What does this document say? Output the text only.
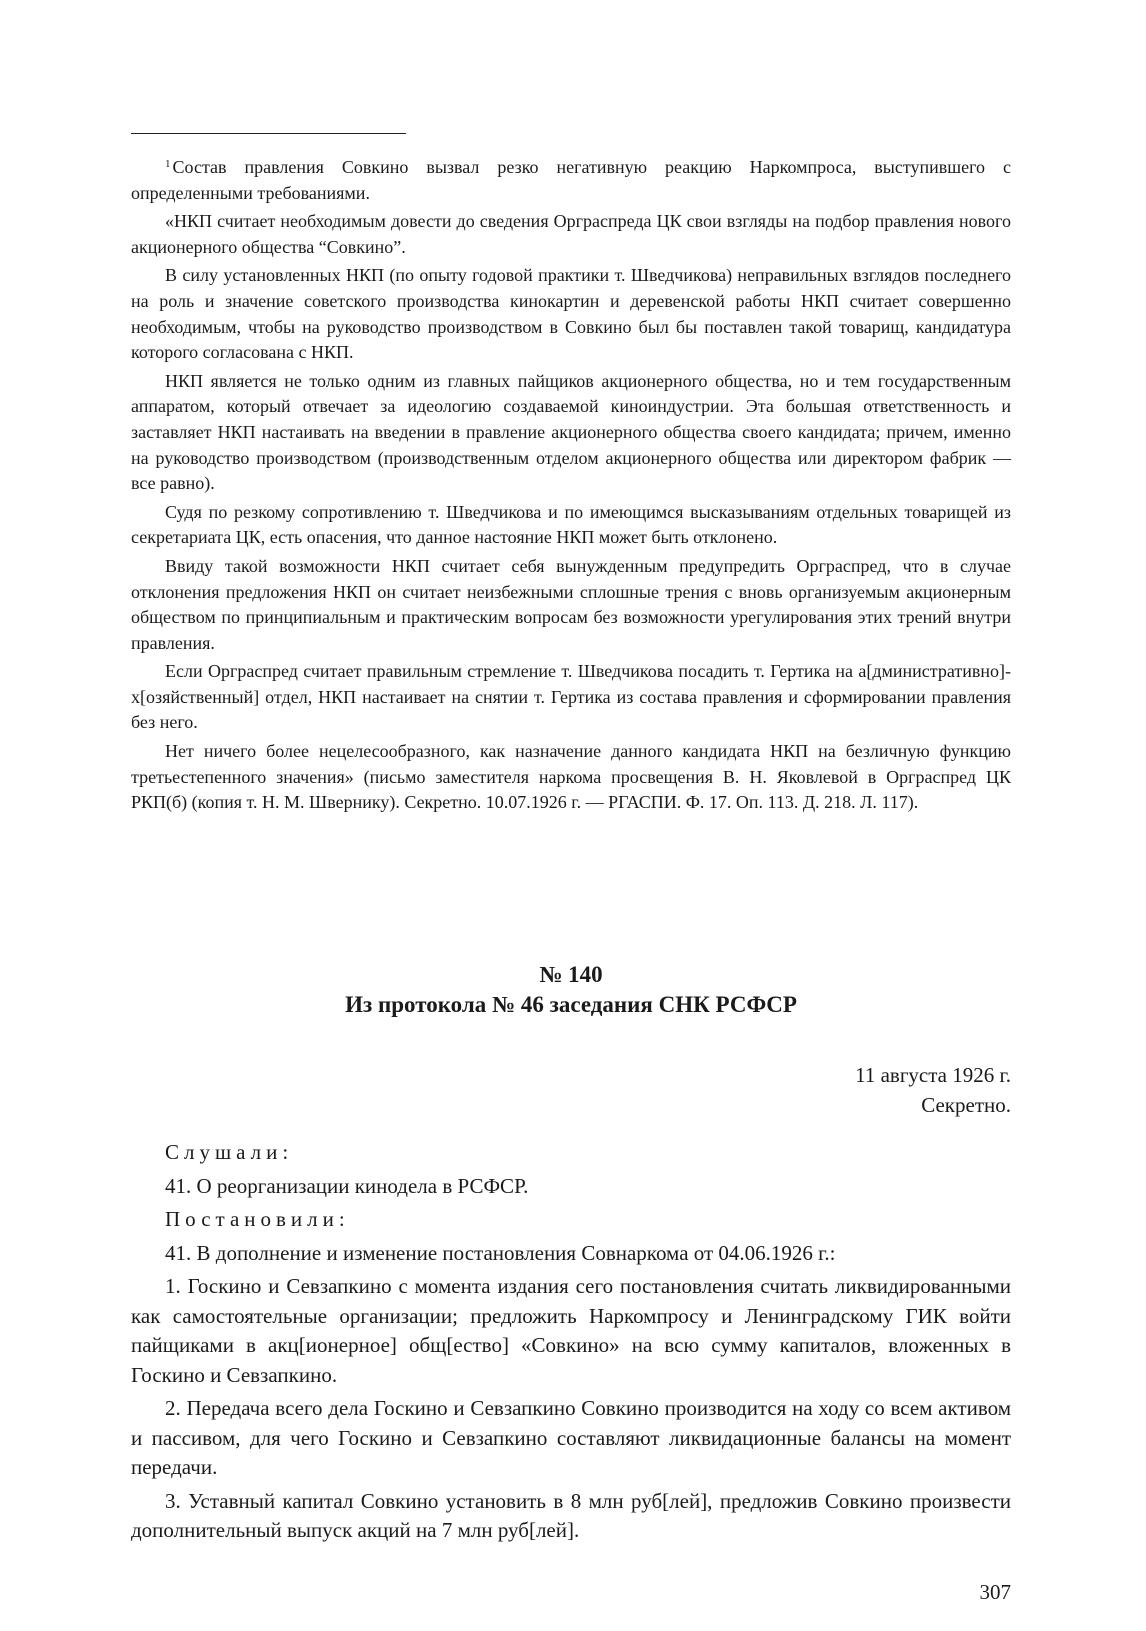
$^1$ Состав правления Совкино вызвал резко негативную реакцию Наркомпроса, выступившего с определенными требованиями.

«НКП считает необходимым довести до сведения Орграспреда ЦК свои взгляды на подбор правления нового акционерного общества “Совкино”.

В силу установленных НКП (по опыту годовой практики т. Шведчикова) неправильных взглядов последнего на роль и значение советского производства кинокартин и деревенской работы НКП считает совершенно необходимым, чтобы на руководство производством в Совкино был бы поставлен такой товарищ, кандидатура которого согласована с НКП.

НКП является не только одним из главных пайщиков акционерного общества, но и тем государственным аппаратом, который отвечает за идеологию создаваемой киноиндустрии. Эта большая ответственность и заставляет НКП настаивать на введении в правление акционерного общества своего кандидата; причем, именно на руководство производством (производственным отделом акционерного общества или директором фабрик — все равно).

Судя по резкому сопротивлению т. Шведчикова и по имеющимся высказываниям отдельных товарищей из секретариата ЦК, есть опасения, что данное настояние НКП может быть отклонено.

Ввиду такой возможности НКП считает себя вынужденным предупредить Орграспред, что в случае отклонения предложения НКП он считает неизбежными сплошные трения с вновь организуемым акционерным обществом по принципиальным и практическим вопросам без возможности урегулирования этих трений внутри правления.

Если Орграспред считает правильным стремление т. Шведчикова посадить т. Гертика на а[дминистративно]-х[озяйственный] отдел, НКП настаивает на снятии т. Гертика из состава правления и сформировании правления без него.

Нет ничего более нецелесообразного, как назначение данного кандидата НКП на безличную функцию третьестепенного значения» (письмо заместителя наркома просвещения В. Н. Яковлевой в Орграспред ЦК РКП(б) (копия т. Н. М. Швернику). Секретно. 10.07.1926 г. — РГАСПИ. Ф. 17. Оп. 113. Д. 218. Л. 117).

№ 140
Из протокола № 46 заседания СНК РСФСР
11 августа 1926 г.
Секретно.

Слушали:

41. О реорганизации киноделa в РСФСР.

Постановили:

41. В дополнение и изменение постановления Совнаркома от 04.06.1926 г.:

1. Госкино и Севзапкино с момента издания сего постановления считать ликвидированными как самостоятельные организации; предложить Наркомпросу и Ленинградскому ГИК войти пайщиками в акц[ионерное] общ[ество] «Совкино» на всю сумму капиталов, вложенных в Госкино и Севзапкино.

2. Передача всего дела Госкино и Севзапкино Совкино производится на ходу со всем активом и пассивом, для чего Госкино и Севзапкино составляют ликвидационные балансы на момент передачи.

3. Уставный капитал Совкино установить в 8 млн руб[лей], предложив Совкино произвести дополнительный выпуск акций на 7 млн руб[лей].

307
